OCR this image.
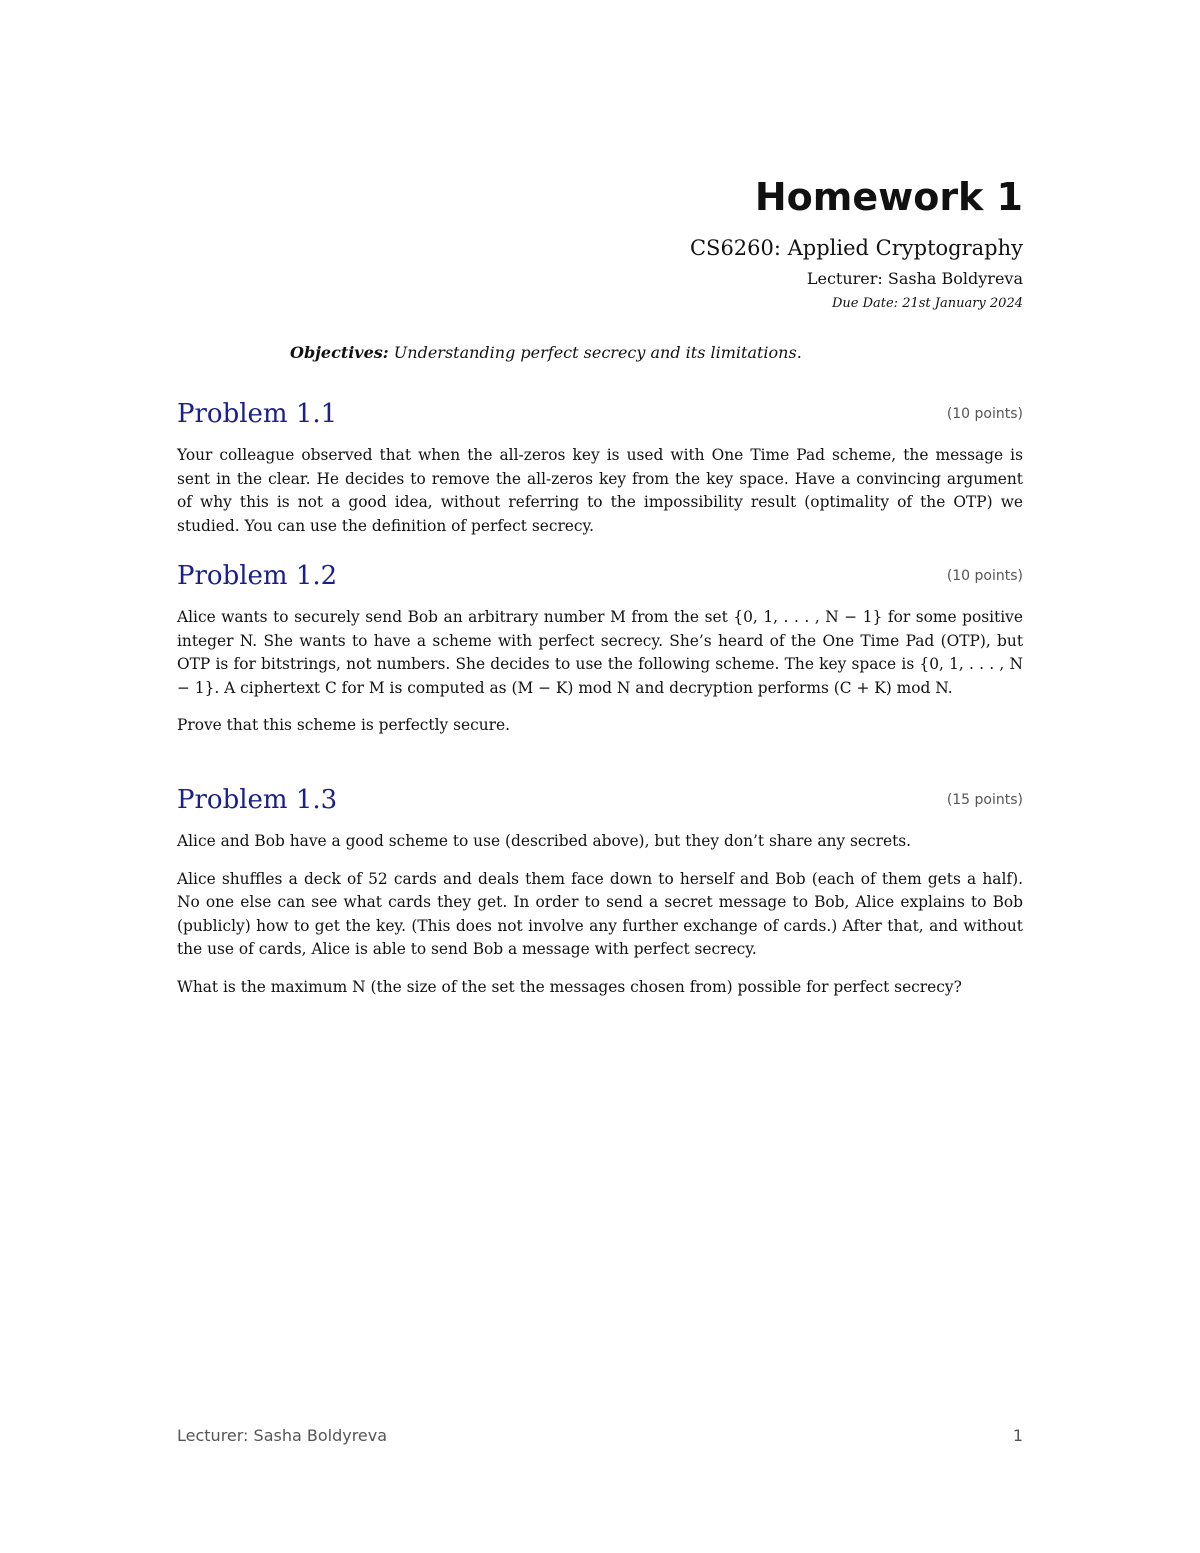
Homework 1
CS6260: Applied Cryptography
Lecturer: Sasha Boldyreva
Due Date: 21st January 2024
Objectives: Understanding perfect secrecy and its limitations.
Problem 1.1	(10 points)

Your colleague observed that when the all-zeros key is used with One Time Pad scheme, the message is sent in the clear. He decides to remove the all-zeros key from the key space. Have a convincing argument of why this is not a good idea, without referring to the impossibility result (optimality of the OTP) we studied. You can use the definition of perfect secrecy.

Problem 1.2	(10 points)

Alice wants to securely send Bob an arbitrary number M from the set {0, 1, . . . , N − 1} for some positive integer N. She wants to have a scheme with perfect secrecy. She’s heard of the One Time Pad (OTP), but OTP is for bitstrings, not numbers. She decides to use the following scheme. The key space is {0, 1, . . . , N − 1}. A ciphertext C for M is computed as (M − K) mod N and decryption performs (C + K) mod N.

Prove that this scheme is perfectly secure.

Problem 1.3	(15 points)

Alice and Bob have a good scheme to use (described above), but they don’t share any secrets.

Alice shuffles a deck of 52 cards and deals them face down to herself and Bob (each of them gets a half). No one else can see what cards they get. In order to send a secret message to Bob, Alice explains to Bob (publicly) how to get the key. (This does not involve any further exchange of cards.) After that, and without the use of cards, Alice is able to send Bob a message with perfect secrecy.

What is the maximum N (the size of the set the messages chosen from) possible for perfect secrecy?

Lecturer: Sasha Boldyreva	1
